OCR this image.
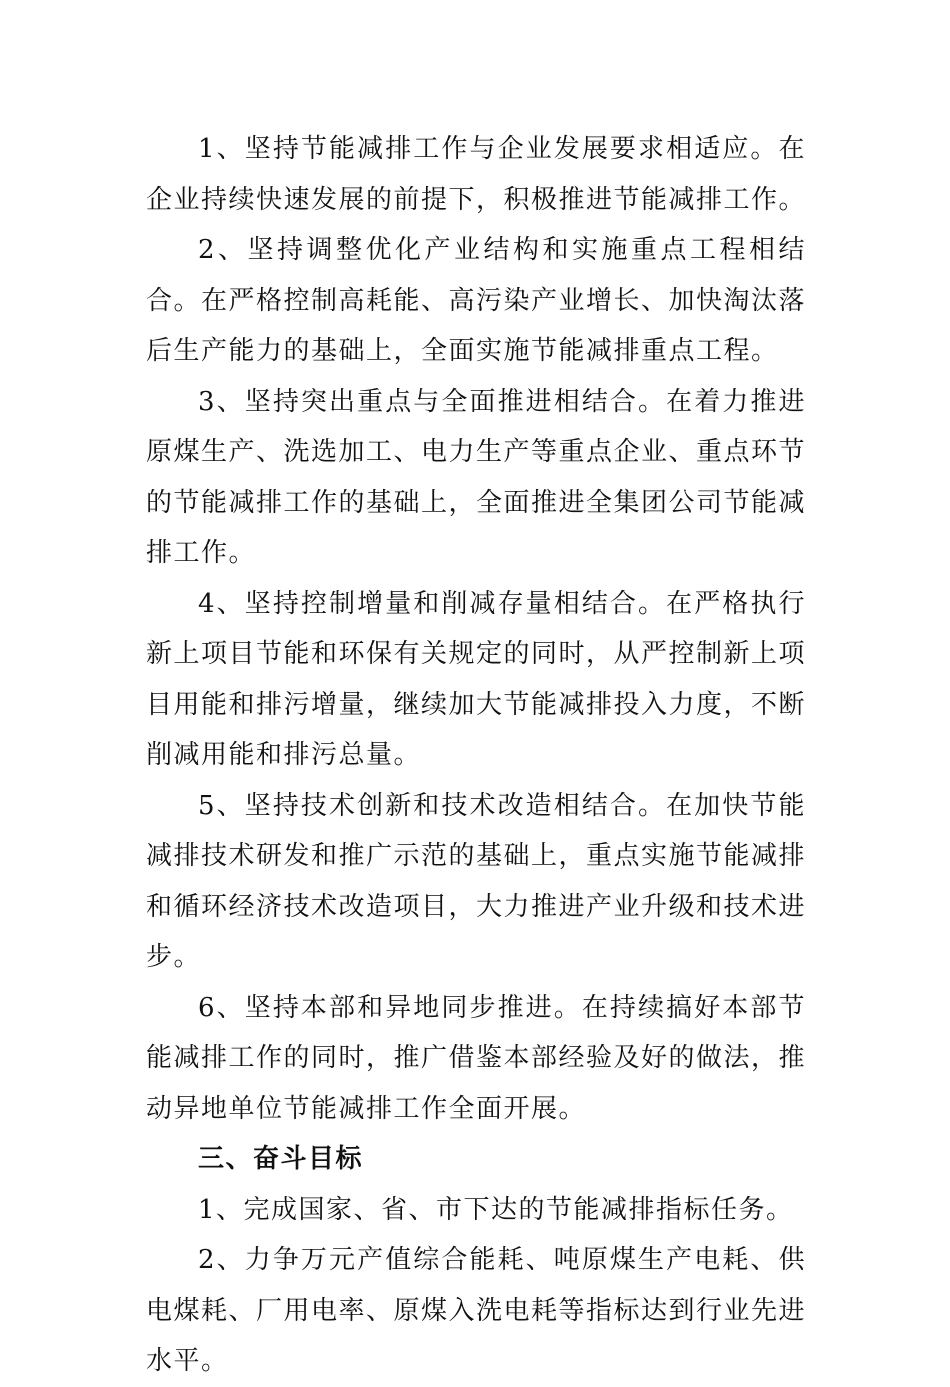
1、坚持节能减排工作与企业发展要求相适应。在企业持续快速发展的前提下，积极推进节能减排工作。

2、坚持调整优化产业结构和实施重点工程相结合。在严格控制高耗能、高污染产业增长、加快淘汰落后生产能力的基础上，全面实施节能减排重点工程。

3、坚持突出重点与全面推进相结合。在着力推进原煤生产、洗选加工、电力生产等重点企业、重点环节的节能减排工作的基础上，全面推进全集团公司节能减排工作。

4、坚持控制增量和削减存量相结合。在严格执行新上项目节能和环保有关规定的同时，从严控制新上项目用能和排污增量，继续加大节能减排投入力度，不断削减用能和排污总量。

5、坚持技术创新和技术改造相结合。在加快节能减排技术研发和推广示范的基础上，重点实施节能减排和循环经济技术改造项目，大力推进产业升级和技术进步。

6、坚持本部和异地同步推进。在持续搞好本部节能减排工作的同时，推广借鉴本部经验及好的做法，推动异地单位节能减排工作全面开展。

三、奋斗目标

1、完成国家、省、市下达的节能减排指标任务。

2、力争万元产值综合能耗、吨原煤生产电耗、供电煤耗、厂用电率、原煤入洗电耗等指标达到行业先进水平。
